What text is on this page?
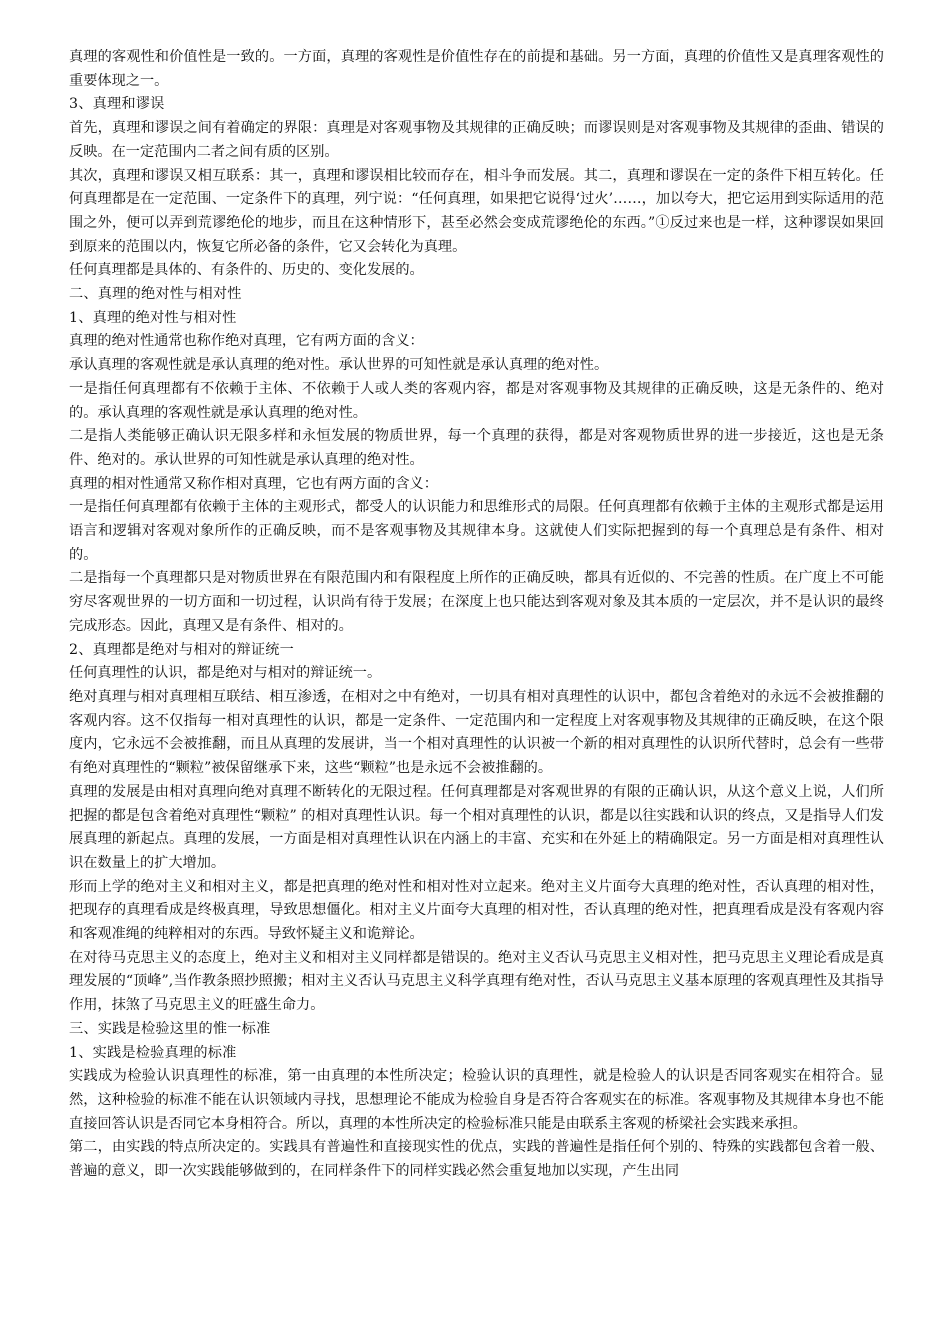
真理的客观性和价值性是一致的。一方面，真理的客观性是价值性存在的前提和基础。另一方面，真理的价值性又是真理客观性的重要体现之一。

3、真理和谬误

首先，真理和谬误之间有着确定的界限：真理是对客观事物及其规律的正确反映；而谬误则是对客观事物及其规律的歪曲、错误的反映。在一定范围内二者之间有质的区别。

其次，真理和谬误又相互联系：其一，真理和谬误相比较而存在，相斗争而发展。其二，真理和谬误在一定的条件下相互转化。任何真理都是在一定范围、一定条件下的真理，列宁说：“任何真理，如果把它说得‘过火’……，加以夸大，把它运用到实际适用的范围之外，便可以弄到荒谬绝伦的地步，而且在这种情形下，甚至必然会变成荒谬绝伦的东西。”①反过来也是一样，这种谬误如果回到原来的范围以内，恢复它所必备的条件，它又会转化为真理。

任何真理都是具体的、有条件的、历史的、变化发展的。

二、真理的绝对性与相对性

1、真理的绝对性与相对性

真理的绝对性通常也称作绝对真理，它有两方面的含义：

承认真理的客观性就是承认真理的绝对性。承认世界的可知性就是承认真理的绝对性。

一是指任何真理都有不依赖于主体、不依赖于人或人类的客观内容，都是对客观事物及其规律的正确反映，这是无条件的、绝对的。承认真理的客观性就是承认真理的绝对性。

二是指人类能够正确认识无限多样和永恒发展的物质世界，每一个真理的获得，都是对客观物质世界的进一步接近，这也是无条件、绝对的。承认世界的可知性就是承认真理的绝对性。

真理的相对性通常又称作相对真理，它也有两方面的含义：

一是指任何真理都有依赖于主体的主观形式，都受人的认识能力和思维形式的局限。任何真理都有依赖于主体的主观形式都是运用语言和逻辑对客观对象所作的正确反映，而不是客观事物及其规律本身。这就使人们实际把握到的每一个真理总是有条件、相对的。

二是指每一个真理都只是对物质世界在有限范围内和有限程度上所作的正确反映，都具有近似的、不完善的性质。在广度上不可能穷尽客观世界的一切方面和一切过程，认识尚有待于发展；在深度上也只能达到客观对象及其本质的一定层次，并不是认识的最终完成形态。因此，真理又是有条件、相对的。

2、真理都是绝对与相对的辩证统一

任何真理性的认识，都是绝对与相对的辩证统一。

绝对真理与相对真理相互联结、相互渗透，在相对之中有绝对，一切具有相对真理性的认识中，都包含着绝对的永远不会被推翻的客观内容。这不仅指每一相对真理性的认识，都是一定条件、一定范围内和一定程度上对客观事物及其规律的正确反映，在这个限度内，它永远不会被推翻，而且从真理的发展讲，当一个相对真理性的认识被一个新的相对真理性的认识所代替时，总会有一些带有绝对真理性的“颗粒”被保留继承下来，这些“颗粒”也是永远不会被推翻的。

真理的发展是由相对真理向绝对真理不断转化的无限过程。任何真理都是对客观世界的有限的正确认识，从这个意义上说，人们所把握的都是包含着绝对真理性“颗粒” 的相对真理性认识。每一个相对真理性的认识，都是以往实践和认识的终点，又是指导人们发展真理的新起点。真理的发展，一方面是相对真理性认识在内涵上的丰富、充实和在外延上的精确限定。另一方面是相对真理性认识在数量上的扩大增加。

形而上学的绝对主义和相对主义，都是把真理的绝对性和相对性对立起来。绝对主义片面夸大真理的绝对性，否认真理的相对性，把现存的真理看成是终极真理，导致思想僵化。相对主义片面夸大真理的相对性，否认真理的绝对性，把真理看成是没有客观内容和客观准绳的纯粹相对的东西。导致怀疑主义和诡辩论。

在对待马克思主义的态度上，绝对主义和相对主义同样都是错误的。绝对主义否认马克思主义相对性，把马克思主义理论看成是真理发展的“顶峰”,当作教条照抄照搬；相对主义否认马克思主义科学真理有绝对性，否认马克思主义基本原理的客观真理性及其指导作用，抹煞了马克思主义的旺盛生命力。

三、实践是检验这里的惟一标准

1、实践是检验真理的标准

实践成为检验认识真理性的标准，第一由真理的本性所决定；检验认识的真理性，就是检验人的认识是否同客观实在相符合。显然，这种检验的标准不能在认识领域内寻找，思想理论不能成为检验自身是否符合客观实在的标准。客观事物及其规律本身也不能直接回答认识是否同它本身相符合。所以，真理的本性所决定的检验标准只能是由联系主客观的桥梁社会实践来承担。

第二，由实践的特点所决定的。实践具有普遍性和直接现实性的优点，实践的普遍性是指任何个别的、特殊的实践都包含着一般、普遍的意义，即一次实践能够做到的，在同样条件下的同样实践必然会重复地加以实现，产生出同
